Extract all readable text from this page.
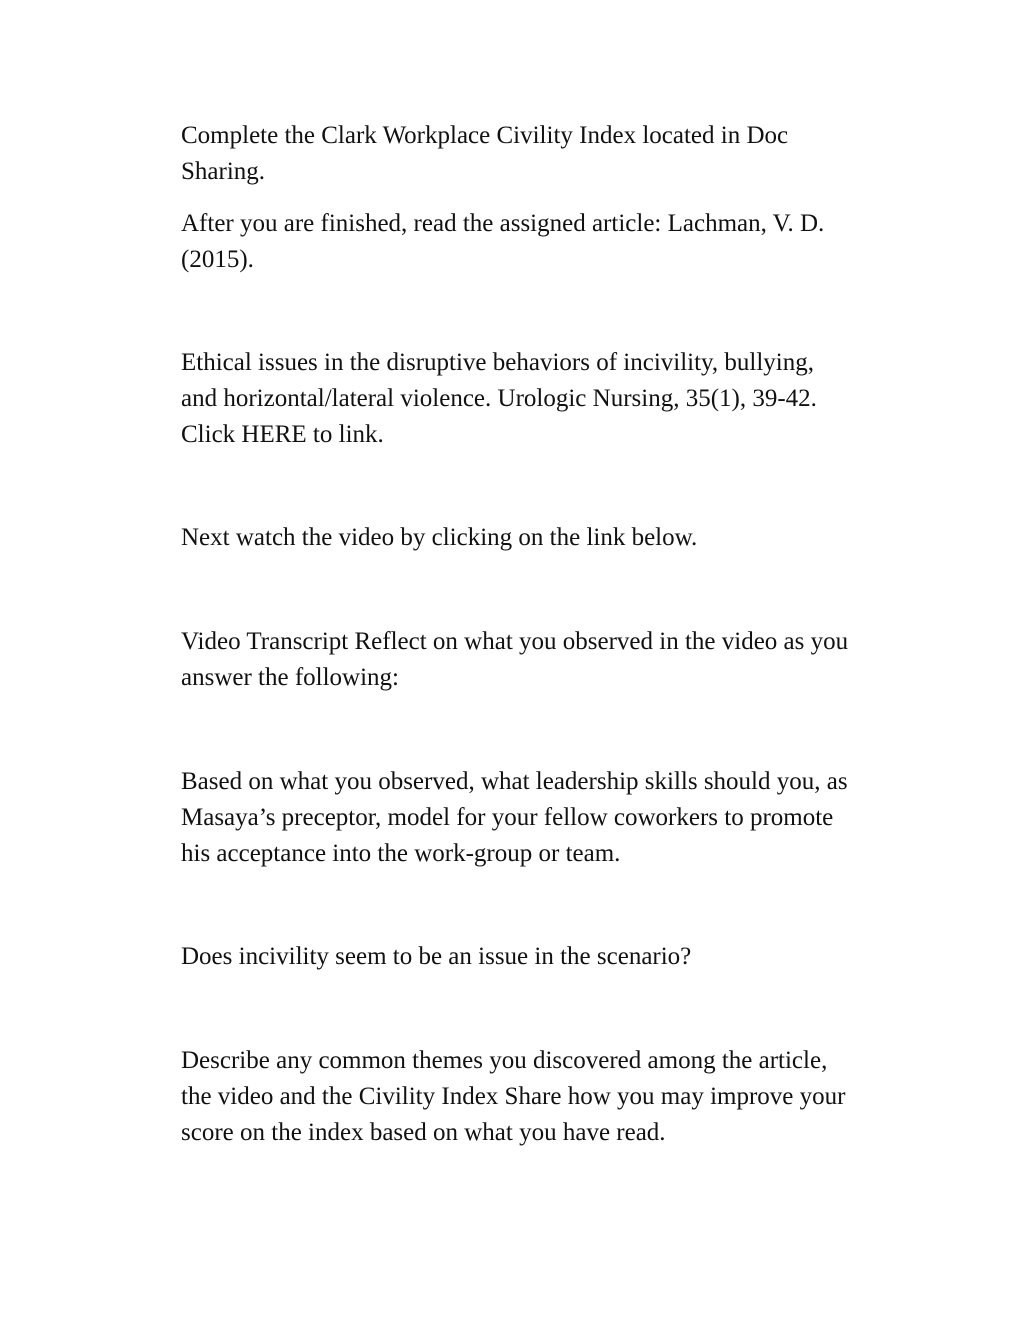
Complete the Clark Workplace Civility Index located in Doc
Sharing.

After you are finished, read the assigned article: Lachman, V. D.
(2015).

Ethical issues in the disruptive behaviors of incivility, bullying,
and horizontal/lateral violence. Urologic Nursing, 35(1), 39-42.
Click HERE to link.

Next watch the video by clicking on the link below.

Video Transcript Reflect on what you observed in the video as you
answer the following:

Based on what you observed, what leadership skills should you, as
Masaya’s preceptor, model for your fellow coworkers to promote
his acceptance into the work-group or team.

Does incivility seem to be an issue in the scenario?

Describe any common themes you discovered among the article,
the video and the Civility Index Share how you may improve your
score on the index based on what you have read.
